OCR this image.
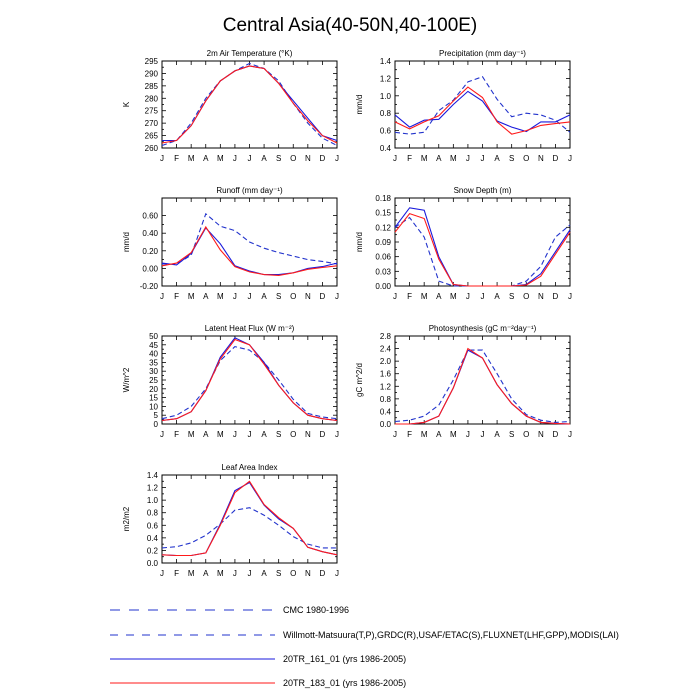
Central Asia(40-50N,40-100E)
2m Air Temperature (°K)
K
260
265
270
275
280
285
290
295
J F M A M J J A S O N D J
Precipitation (mm day⁻¹)
mm/d
0.4
0.6
0.8
1.0
1.2
1.4
J F M A M J J A S O N D J
Runoff (mm day⁻¹)
mm/d
-0.20
0.00
0.20
0.40
0.60
J F M A M J J A S O N D J
Snow Depth (m)
mm/d
0.00
0.03
0.06
0.09
0.12
0.15
0.18
J F M A M J J A S O N D J
Latent Heat Flux (W m⁻²)
W/m^2
0
5
10
15
20
25
30
35
40
45
50
J F M A M J J A S O N D J
Photosynthesis (gC m⁻²day⁻¹)
gC m^2/d
0.0
0.4
0.8
1.2
1.6
2.0
2.4
2.8
J F M A M J J A S O N D J
Leaf Area Index
m2/m2
0.0
0.2
0.4
0.6
0.8
1.0
1.2
1.4
J F M A M J J A S O N D J
CMC 1980-1996
Willmott-Matsuura(T,P),GRDC(R),USAF/ETAC(S),FLUXNET(LHF,GPP),MODIS(LAI)
20TR_161_01 (yrs 1986-2005)
20TR_183_01 (yrs 1986-2005)
